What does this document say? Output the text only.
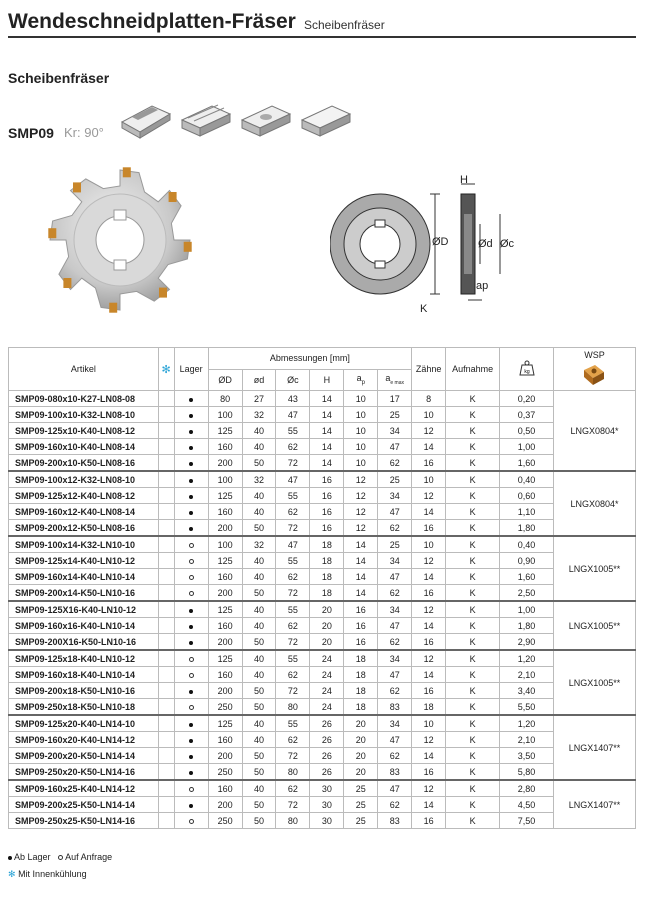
Wendeschneidplatten-Fräser Scheibenfräser
Scheibenfräser
SMP09 Kr: 90°
H
ØD	Ød Øc
ap
K
Artikel	✻	Lager	Abmessungen [mm]						Zähne	Aufnahme	kg	WSP

			ØD	ød	Øc	H	$a_p$	$a_{e max}$
SMP09-080x10-K27-LN08-08			80	27	43	14	10	17	8	K	0,20	LNGX0804*
SMP09-100x10-K32-LN08-10			100	32	47	14	10	25	10	K	0,37	
SMP09-125x10-K40-LN08-12			125	40	55	14	10	34	12	K	0,50	
SMP09-160x10-K40-LN08-14			160	40	62	14	10	47	14	K	1,00	
SMP09-200x10-K50-LN08-16			200	50	72	14	10	62	16	K	1,60	
SMP09-100x12-K32-LN08-10			100	32	47	16	12	25	10	K	0,40	LNGX0804*
SMP09-125x12-K40-LN08-12			125	40	55	16	12	34	12	K	0,60	
SMP09-160x12-K40-LN08-14			160	40	62	16	12	47	14	K	1,10	
SMP09-200x12-K50-LN08-16			200	50	72	16	12	62	16	K	1,80	
SMP09-100x14-K32-LN10-10			100	32	47	18	14	25	10	K	0,40	LNGX1005**
SMP09-125x14-K40-LN10-12			125	40	55	18	14	34	12	K	0,90	
SMP09-160x14-K40-LN10-14			160	40	62	18	14	47	14	K	1,60	
SMP09-200x14-K50-LN10-16			200	50	72	18	14	62	16	K	2,50	
SMP09-125X16-K40-LN10-12			125	40	55	20	16	34	12	K	1,00	LNGX1005**
SMP09-160x16-K40-LN10-14			160	40	62	20	16	47	14	K	1,80	
SMP09-200X16-K50-LN10-16			200	50	72	20	16	62	16	K	2,90	
SMP09-125x18-K40-LN10-12			125	40	55	24	18	34	12	K	1,20	LNGX1005**
SMP09-160x18-K40-LN10-14			160	40	62	24	18	47	14	K	2,10	
SMP09-200x18-K50-LN10-16			200	50	72	24	18	62	16	K	3,40	
SMP09-250x18-K50-LN10-18			250	50	80	24	18	83	18	K	5,50	
SMP09-125x20-K40-LN14-10			125	40	55	26	20	34	10	K	1,20	LNGX1407**
SMP09-160x20-K40-LN14-12			160	40	62	26	20	47	12	K	2,10	
SMP09-200x20-K50-LN14-14			200	50	72	26	20	62	14	K	3,50	
SMP09-250x20-K50-LN14-16			250	50	80	26	20	83	16	K	5,80	
SMP09-160x25-K40-LN14-12			160	40	62	30	25	47	12	K	2,80	LNGX1407**
SMP09-200x25-K50-LN14-14			200	50	72	30	25	62	14	K	4,50	
SMP09-250x25-K50-LN14-16			250	50	80	30	25	83	16	K	7,50	
Ab Lager Auf Anfrage
✻ Mit Innenkühlung
